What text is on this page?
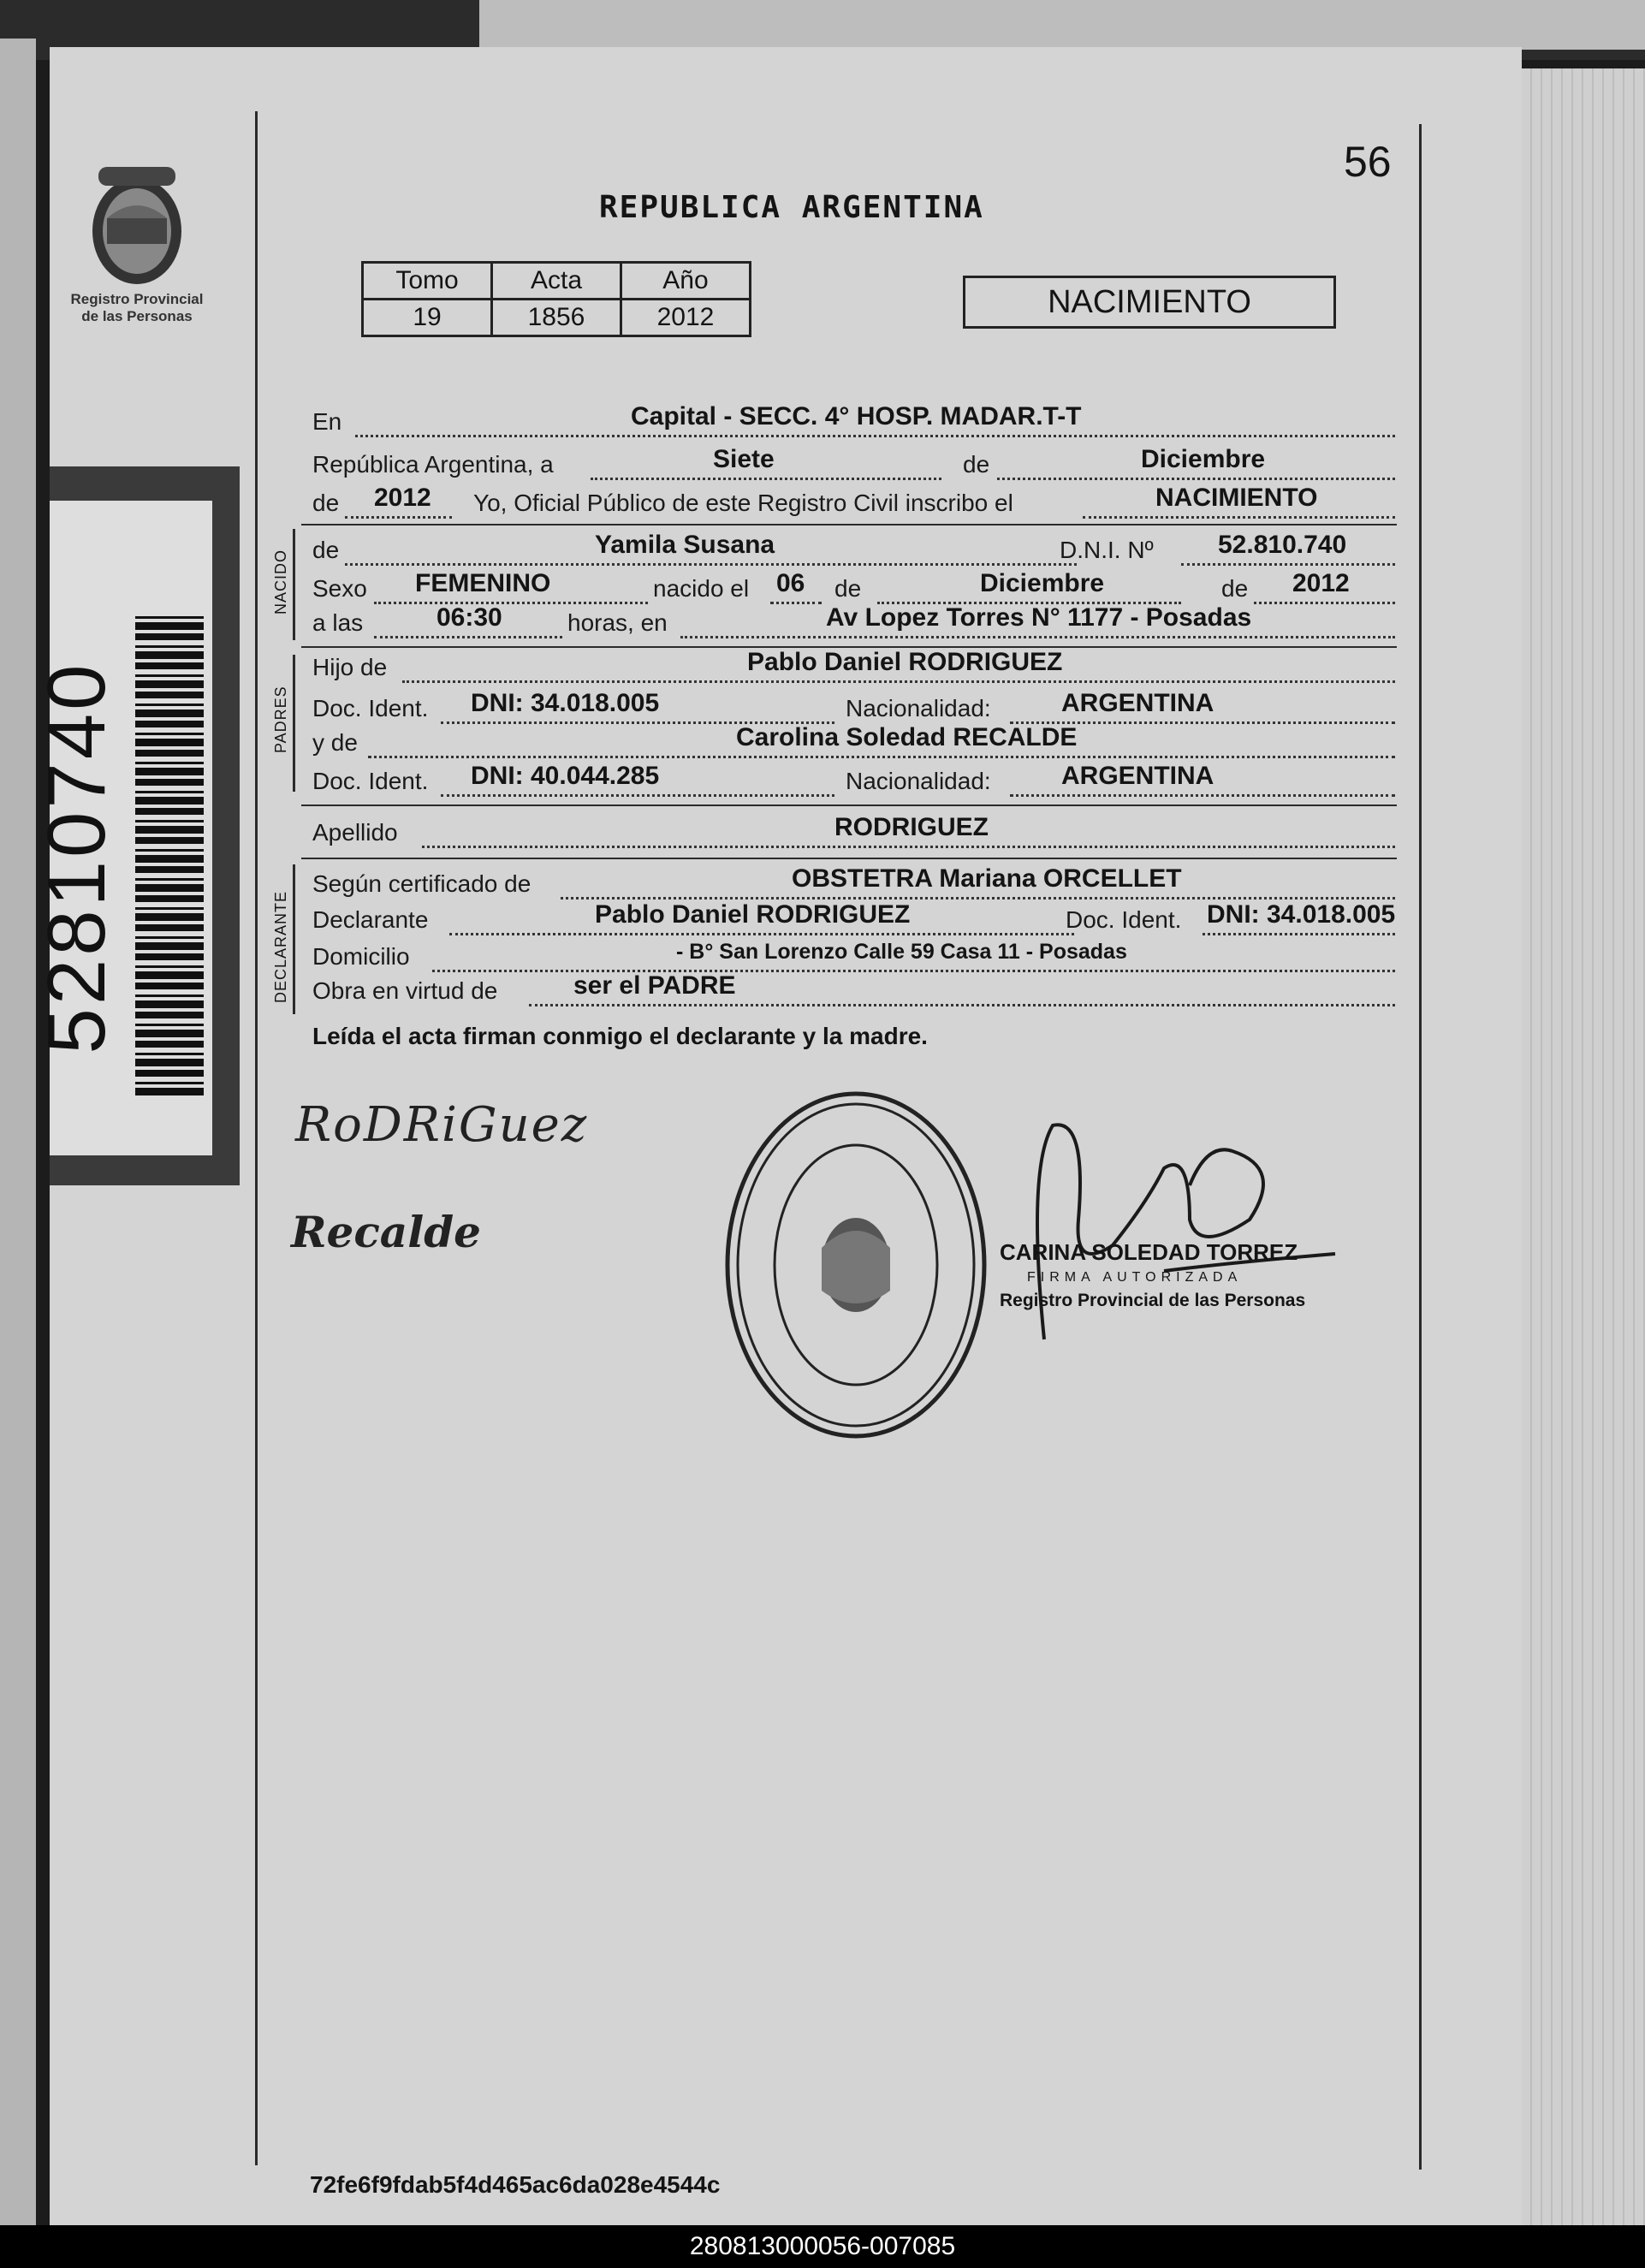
Registro Provincial
de las Personas
52810740
56
REPUBLICA ARGENTINA
Tomo	Acta	Año
19	1856	2012	NACIMIENTO
En	Capital - SECC. 4° HOSP. MADAR.T-T
República Argentina, a	Siete	de	Diciembre
de 2012 Yo, Oficial Público de este Registro Civil inscribo el	NACIMIENTO
NACIDO de	Yamila Susana	D.N.I. Nº	52.810.740
Sexo FEMENINO	nacido el 06 de	Diciembre	de 2012
a las	06:30	horas, en	Av Lopez Torres N° 1177 - Posadas
PADRES
Hijo de	Pablo Daniel RODRIGUEZ
Doc. Ident. DNI: 34.018.005	Nacionalidad:	ARGENTINA
y de	Carolina Soledad RECALDE
Doc. Ident. DNI: 40.044.285	Nacionalidad:	ARGENTINA
Apellido	RODRIGUEZ
DECLARANTE
Según certificado de	OBSTETRA Mariana ORCELLET
Declarante	Pablo Daniel RODRIGUEZ	Doc. Ident. DNI: 34.018.005
Domicilio	- B° San Lorenzo Calle 59 Casa 11 - Posadas
Obra en virtud de	ser el PADRE
Leída el acta firman conmigo el declarante y la madre.
RoDRiGuez
Recalde	CARINA SOLEDAD TORREZ
FIRMA AUTORIZADA
Registro Provincial de las Personas
72fe6f9fdab5f4d465ac6da028e4544c
280813000056-007085
